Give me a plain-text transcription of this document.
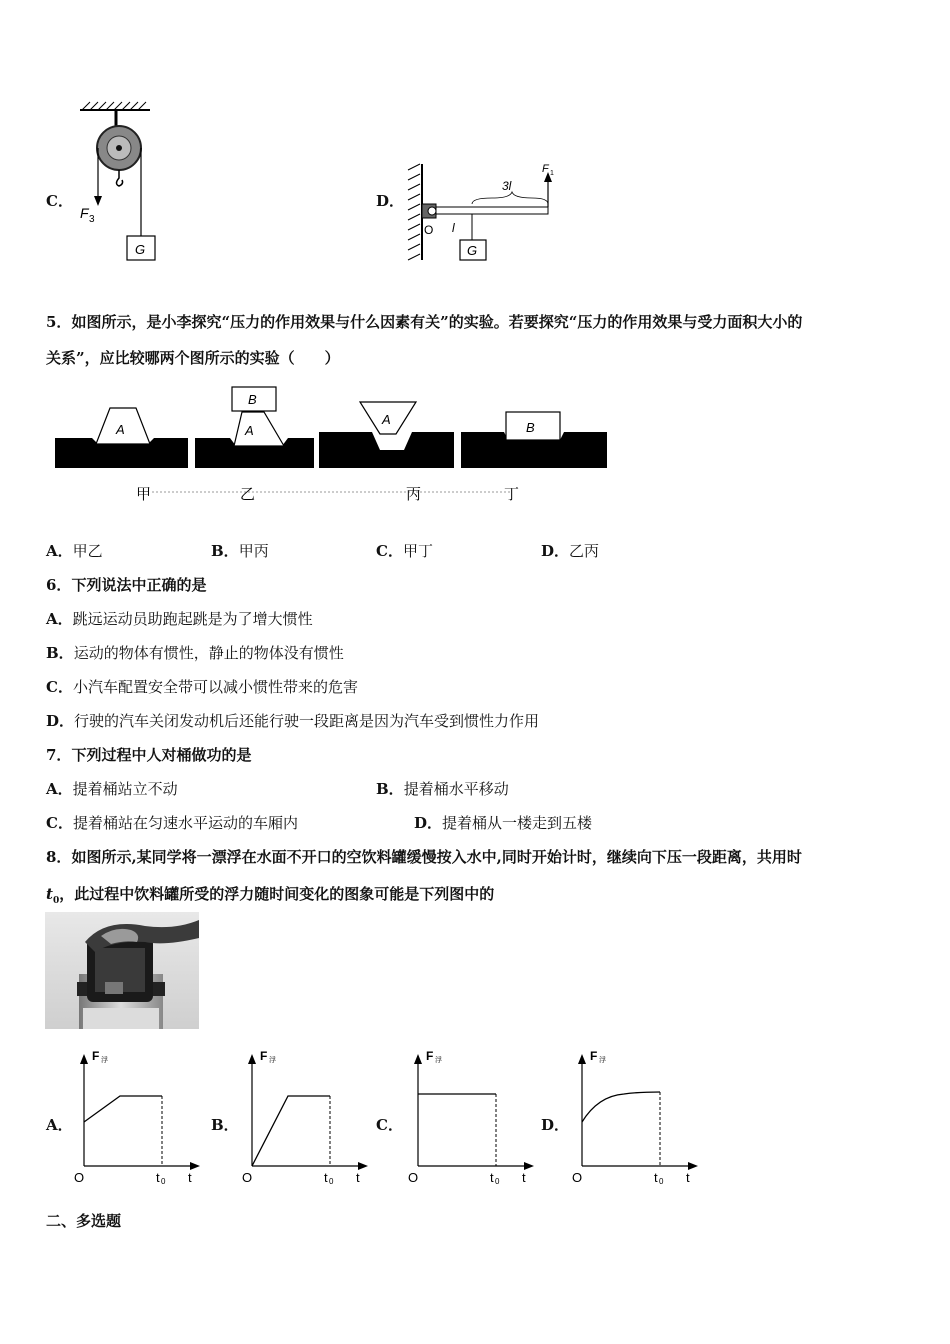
C．
G
F 3
D．
F 1
3l
l
O
G
5．如图所示，是小李探究“压力的作用效果与什么因素有关”的实验。若要探究“压力的作用效果与受力面积大小的
关系”，应比较哪两个图所示的实验（　　）
A
B
A
A
B
甲	乙	丙	丁
A．甲乙	B．甲丙	C．甲丁	D．乙丙
6．下列说法中正确的是
A．跳远运动员助跑起跳是为了增大惯性
B．运动的物体有惯性，静止的物体没有惯性
C．小汽车配置安全带可以减小惯性带来的危害
D．行驶的汽车关闭发动机后还能行驶一段距离是因为汽车受到惯性力作用
7．下列过程中人对桶做功的是
A．提着桶站立不动	B．提着桶水平移动
C．提着桶站在匀速水平运动的车厢内	D．提着桶从一楼走到五楼
8．如图所示,某同学将一漂浮在水面不开口的空饮料罐缓慢按入水中,同时开始计时，继续向下压一段距离，共用时
$t_0$，此过程中饮料罐所受的浮力随时间变化的图象可能是下列图中的
A．	B．	C．	D．
F 浮
O	t 0 t
F 浮
O	t 0 t
F 浮
O	t 0 t
F 浮
O	t 0 t
二、多选题
